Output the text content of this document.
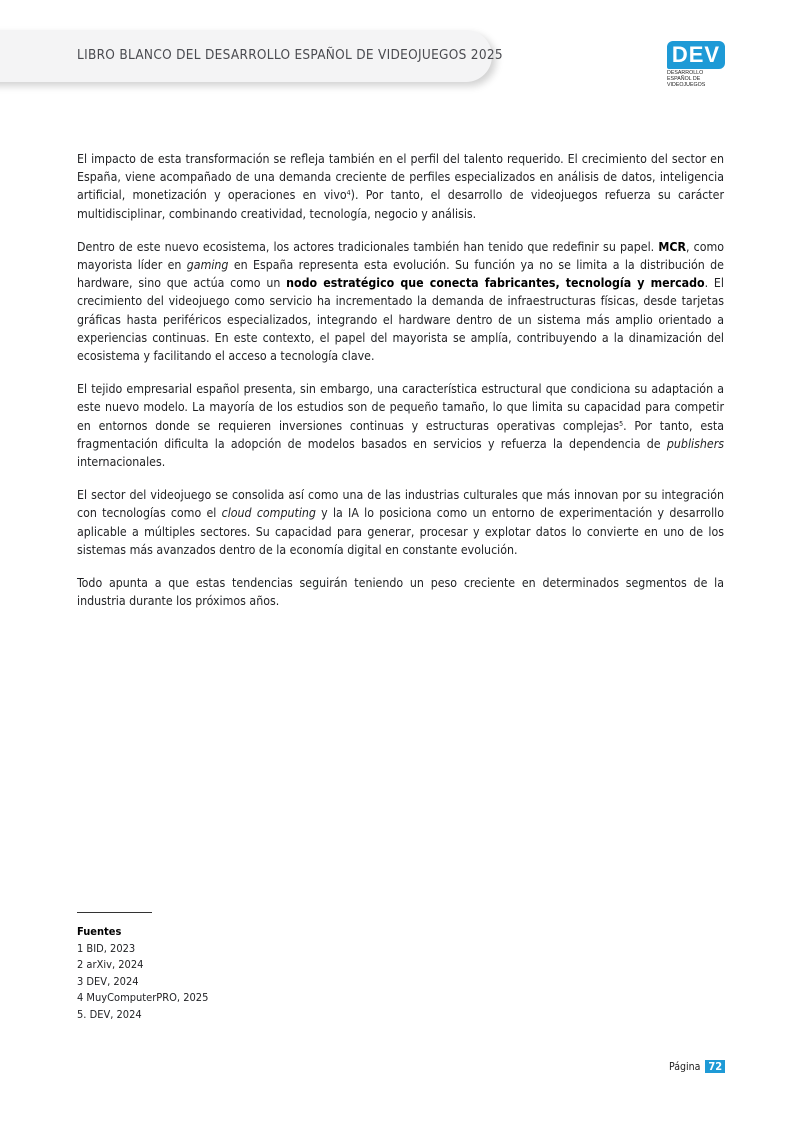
LIBRO BLANCO DEL DESARROLLO ESPAÑOL DE VIDEOJUEGOS 2025	DEV
DESARROLLO ESPAÑOL DE VIDEOJUEGOS

El impacto de esta transformación se refleja también en el perfil del talento requerido. El crecimiento del sector en España, viene acompañado de una demanda creciente de perfiles especializados en análisis de datos, inteligencia artificial, monetización y operaciones en vivo$^4$). Por tanto, el desarrollo de videojuegos refuerza su carácter multidisciplinar, combinando creatividad, tecnología, negocio y análisis.

Dentro de este nuevo ecosistema, los actores tradicionales también han tenido que redefinir su papel. MCR, como mayorista líder en gaming en España representa esta evolución. Su función ya no se limita a la distribución de hardware, sino que actúa como un nodo estratégico que conecta fabricantes, tecnología y mercado. El crecimiento del videojuego como servicio ha incrementado la demanda de infraestructuras físicas, desde tarjetas gráficas hasta periféricos especializados, integrando el hardware dentro de un sistema más amplio orientado a experiencias continuas. En este contexto, el papel del mayorista se amplía, contribuyendo a la dinamización del ecosistema y facilitando el acceso a tecnología clave.

El tejido empresarial español presenta, sin embargo, una característica estructural que condiciona su adaptación a este nuevo modelo. La mayoría de los estudios son de pequeño tamaño, lo que limita su capacidad para competir en entornos donde se requieren inversiones continuas y estructuras operativas complejas$^5$. Por tanto, esta fragmentación dificulta la adopción de modelos basados en servicios y refuerza la dependencia de publishers internacionales.

El sector del videojuego se consolida así como una de las industrias culturales que más innovan por su integración con tecnologías como el cloud computing y la IA lo posiciona como un entorno de experimentación y desarrollo aplicable a múltiples sectores. Su capacidad para generar, procesar y explotar datos lo convierte en uno de los sistemas más avanzados dentro de la economía digital en constante evolución.

Todo apunta a que estas tendencias seguirán teniendo un peso creciente en determinados segmentos de la industria durante los próximos años.

Fuentes
1 BID, 2023
2 arXiv, 2024
3 DEV, 2024
4 MuyComputerPRO, 2025
5. DEV, 2024
Página 72
